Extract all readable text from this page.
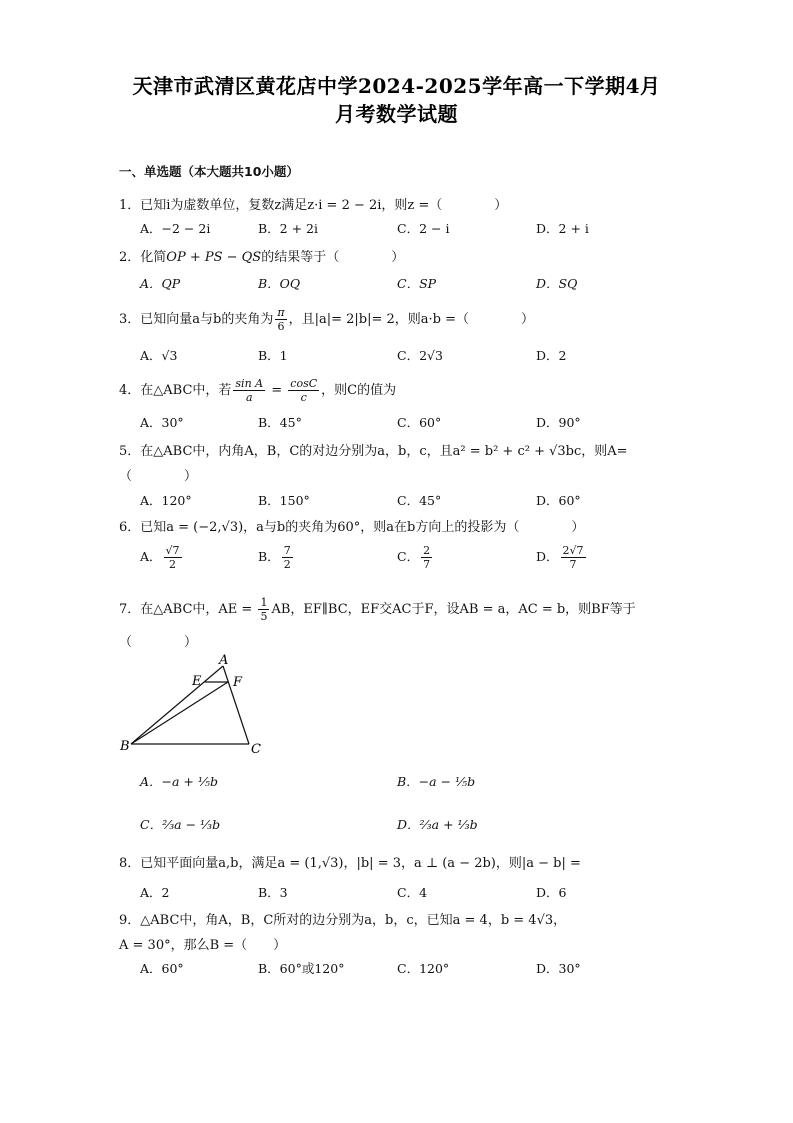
天津市武清区黄花店中学2024-2025学年高一下学期4月
月考数学试题
一、单选题（本大题共10小题）
1．已知i为虚数单位，复数z满足z·i = 2 − 2i，则z =（　　　　）
A．−2 − 2i	B．2 + 2i	C．2 − i	D．2 + i
2．化简OP + PS − QS的结果等于（　　　　）
A．QP	B．OQ	C．SP	D．SQ
3．已知向量a与b的夹角为 $\frac{\pi}{6}$ ，且|a|= 2|b|= 2，则a·b =（　　　　）
A．√3	B．1	C．2√3	D．2
4．在△ABC中，若 $\frac{\text{sin A}}{a} = \frac{\cos C}{c}$ ，则C的值为
A．30°	B．45°	C．60°	D．90°
5．在△ABC中，内角A，B，C的对边分别为a，b，c，且a² = b² + c² + √3bc，则A=
（　　　　）
A．120°	B．150°	C．45°	D．60°
6．已知a = (−2,√3)，a与b的夹角为60°，则a在b方向上的投影为（　　　　）
A． $\frac{√7}{2}$	B． $\frac{7}{2}$	C． $\frac{2}{7}$	D． $\frac{2√7}{7}$
7．在△ABC中，AE = $\frac{1}{5}$ AB，EF∥BC，EF交AC于F，设AB = a，AC = b，则BF等于
（　　　　）
A
B	C
E F
A．−a + ⅕b	B．−a − ⅕b
C．⅔a − ⅓b	D．⅔a + ⅓b
8．已知平面向量a,b，满足a = (1,√3)，|b| = 3，a ⊥ (a − 2b)，则|a − b| =
A．2	B．3	C．4	D．6
9．△ABC中，角A，B，C所对的边分别为a，b，c，已知a = 4，b = 4√3，
A = 30°，那么B =（　　）
A．60°	B．60°或120°	C．120°	D．30°
